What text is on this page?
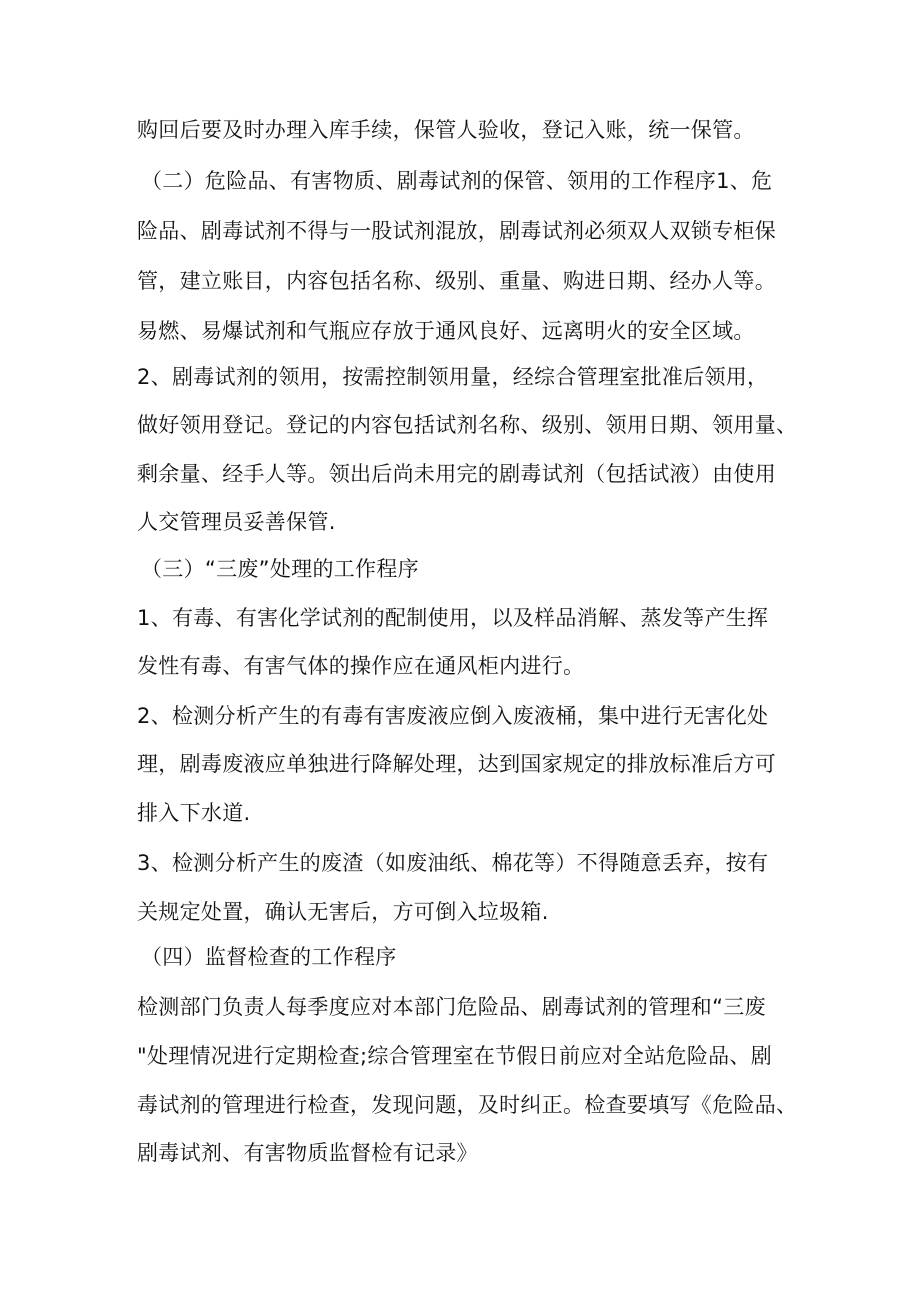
购回后要及时办理入库手续，保管人验收，登记入账，统一保管。
（二）危险品、有害物质、剧毒试剂的保管、领用的工作程序1、危
险品、剧毒试剂不得与一股试剂混放，剧毒试剂必须双人双锁专柜保
管，建立账目，内容包括名称、级别、重量、购进日期、经办人等。
易燃、易爆试剂和气瓶应存放于通风良好、远离明火的安全区域。
2、剧毒试剂的领用，按需控制领用量，经综合管理室批准后领用，
做好领用登记。登记的内容包括试剂名称、级别、领用日期、领用量、
剩余量、经手人等。领出后尚未用完的剧毒试剂（包括试液）由使用
人交管理员妥善保管.
（三）“三废”处理的工作程序
1、有毒、有害化学试剂的配制使用，以及样品消解、蒸发等产生挥
发性有毒、有害气体的操作应在通风柜内进行。
2、检测分析产生的有毒有害废液应倒入废液桶，集中进行无害化处
理，剧毒废液应单独进行降解处理，达到国家规定的排放标准后方可
排入下水道.
3、检测分析产生的废渣（如废油纸、棉花等）不得随意丢弃，按有
关规定处置，确认无害后，方可倒入垃圾箱.
（四）监督检查的工作程序
检测部门负责人每季度应对本部门危险品、剧毒试剂的管理和“三废
"处理情况进行定期检查;综合管理室在节假日前应对全站危险品、剧
毒试剂的管理进行检查，发现问题，及时纠正。检查要填写《危险品、
剧毒试剂、有害物质监督检有记录》
